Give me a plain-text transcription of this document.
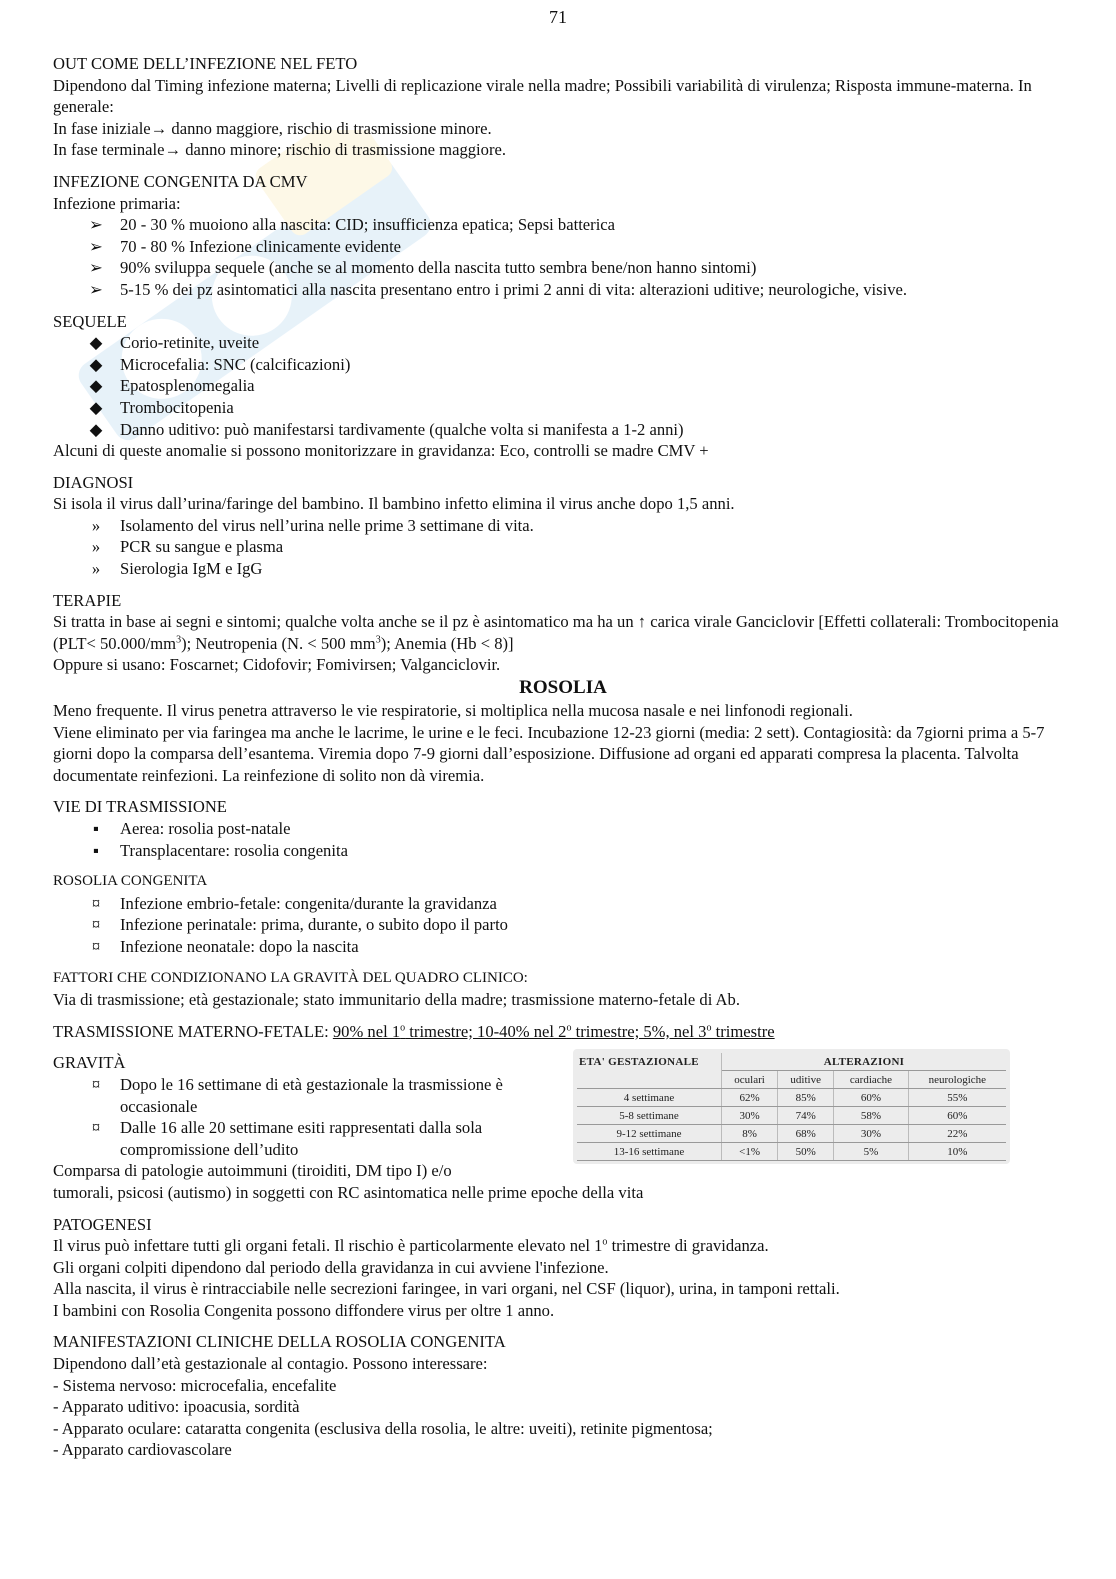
71

OUT COME DELL’INFEZIONE NEL FETO

Dipendono dal Timing infezione materna; Livelli di replicazione virale nella madre; Possibili variabilità di virulenza; Risposta immune-materna. In generale:

In fase iniziale→ danno maggiore, rischio di trasmissione minore.

In fase terminale→ danno minore; rischio di trasmissione maggiore.

INFEZIONE CONGENITA DA CMV

Infezione primaria:

➢ 20 - 30 % muoiono alla nascita: CID; insufficienza epatica; Sepsi batterica
➢ 70 - 80 % Infezione clinicamente evidente
➢ 90% sviluppa sequele (anche se al momento della nascita tutto sembra bene/non hanno sintomi)
➢ 5-15 % dei pz asintomatici alla nascita presentano entro i primi 2 anni di vita: alterazioni uditive; neurologiche, visive.

SEQUELE

◆ Corio-retinite, uveite
◆ Microcefalia: SNC (calcificazioni)
◆ Epatosplenomegalia
◆ Trombocitopenia
◆ Danno uditivo: può manifestarsi tardivamente (qualche volta si manifesta a 1-2 anni)

Alcuni di queste anomalie si possono monitorizzare in gravidanza: Eco, controlli se madre CMV +

DIAGNOSI

Si isola il virus dall’urina/faringe del bambino. Il bambino infetto elimina il virus anche dopo 1,5 anni.

»	Isolamento del virus nell’urina nelle prime 3 settimane di vita.
»	PCR su sangue e plasma
»	Sierologia IgM e IgG

TERAPIE

Si tratta in base ai segni e sintomi; qualche volta anche se il pz è asintomatico ma ha un ↑ carica virale Ganciclovir [Effetti collaterali: Trombocitopenia $(PLT< 50.000/mm^3)$; Neutropenia (N. < 500 $mm^3$); Anemia (Hb < 8)]

Oppure si usano: Foscarnet; Cidofovir; Fomivirsen; Valganciclovir.

ROSOLIA

Meno frequente. Il virus penetra attraverso le vie respiratorie, si moltiplica nella mucosa nasale e nei linfonodi regionali.

Viene eliminato per via faringea ma anche le lacrime, le urine e le feci. Incubazione 12-23 giorni (media: 2 sett). Contagiosità: da 7giorni prima a 5-7 giorni dopo la comparsa dell’esantema. Viremia dopo 7-9 giorni dall’esposizione. Diffusione ad organi ed apparati compresa la placenta. Talvolta documentate reinfezioni. La reinfezione di solito non dà viremia.

VIE DI TRASMISSIONE

▪	Aerea: rosolia post-natale
▪	Transplacentare: rosolia congenita

ROSOLIA CONGENITA

¤	Infezione embrio-fetale: congenita/durante la gravidanza
¤	Infezione perinatale: prima, durante, o subito dopo il parto
¤	Infezione neonatale: dopo la nascita

FATTORI CHE CONDIZIONANO LA GRAVITÀ DEL QUADRO CLINICO:

Via di trasmissione; età gestazionale; stato immunitario della madre; trasmissione materno-fetale di Ab.

TRASMISSIONE MATERNO-FETALE: 90% nel 1$^o$ trimestre; 10-40% nel 2$^o$ trimestre; 5%, nel 3$^o$ trimestre

GRAVITÀ

¤	Dopo le 16 settimane di età gestazionale la trasmissione è occasionale
¤	Dalle 16 alle 20 settimane esiti rappresentati dalla sola compromissione dell’udito

Comparsa di patologie autoimmuni (tiroiditi, DM tipo I) e/o

ETA' GESTAZIONALE	ALTERAZIONI			
	oculari	uditive	cardiache	neurologiche
4 settimane	62%	85%	60%	55%
5-8 settimane	30%	74%	58%	60%
9-12 settimane	8%	68%	30%	22%
13-16 settimane	<1%	50%	5%	10%

tumorali, psicosi (autismo) in soggetti con RC asintomatica nelle prime epoche della vita

PATOGENESI

Il virus può infettare tutti gli organi fetali. Il rischio è particolarmente elevato nel 1$^o$ trimestre di gravidanza.

Gli organi colpiti dipendono dal periodo della gravidanza in cui avviene l'infezione.

Alla nascita, il virus è rintracciabile nelle secrezioni faringee, in vari organi, nel CSF (liquor), urina, in tamponi rettali.

I bambini con Rosolia Congenita possono diffondere virus per oltre 1 anno.

MANIFESTAZIONI CLINICHE DELLA ROSOLIA CONGENITA

Dipendono dall’età gestazionale al contagio. Possono interessare:

- Sistema nervoso: microcefalia, encefalite

- Apparato uditivo: ipoacusia, sordità

- Apparato oculare: cataratta congenita (esclusiva della rosolia, le altre: uveiti), retinite pigmentosa;

- Apparato cardiovascolare
